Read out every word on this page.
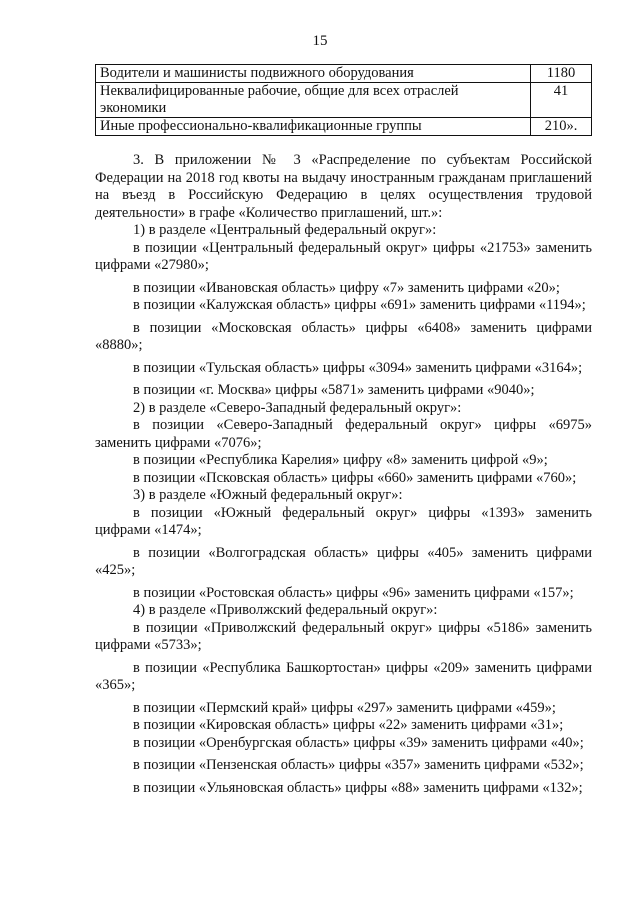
15
Водители и машинисты подвижного оборудования	1180
Неквалифицированные рабочие, общие для всех отраслей экономики	41
Иные профессионально-квалификационные группы	210».

3. В приложении № 3 «Распределение по субъектам Российской Федерации на 2018 год квоты на выдачу иностранным гражданам приглашений на въезд в Российскую Федерацию в целях осуществления трудовой деятельности» в графе «Количество приглашений, шт.»:

1) в разделе «Центральный федеральный округ»:

в позиции «Центральный федеральный округ» цифры «21753» заменить цифрами «27980»;

в позиции «Ивановская область» цифру «7» заменить цифрами «20»;

в позиции «Калужская область» цифры «691» заменить цифрами «1194»;

в позиции «Московская область» цифры «6408» заменить цифрами «8880»;

в позиции «Тульская область» цифры «3094» заменить цифрами «3164»;

в позиции «г. Москва» цифры «5871» заменить цифрами «9040»;

2) в разделе «Северо-Западный федеральный округ»:

в позиции «Северо-Западный федеральный округ» цифры «6975» заменить цифрами «7076»;

в позиции «Республика Карелия» цифру «8» заменить цифрой «9»;

в позиции «Псковская область» цифры «660» заменить цифрами «760»;

3) в разделе «Южный федеральный округ»:

в позиции «Южный федеральный округ» цифры «1393» заменить цифрами «1474»;

в позиции «Волгоградская область» цифры «405» заменить цифрами «425»;

в позиции «Ростовская область» цифры «96» заменить цифрами «157»;

4) в разделе «Приволжский федеральный округ»:

в позиции «Приволжский федеральный округ» цифры «5186» заменить цифрами «5733»;

в позиции «Республика Башкортостан» цифры «209» заменить цифрами «365»;

в позиции «Пермский край» цифры «297» заменить цифрами «459»;

в позиции «Кировская область» цифры «22» заменить цифрами «31»;

в позиции «Оренбургская область» цифры «39» заменить цифрами «40»;

в позиции «Пензенская область» цифры «357» заменить цифрами «532»;

в позиции «Ульяновская область» цифры «88» заменить цифрами «132»;
